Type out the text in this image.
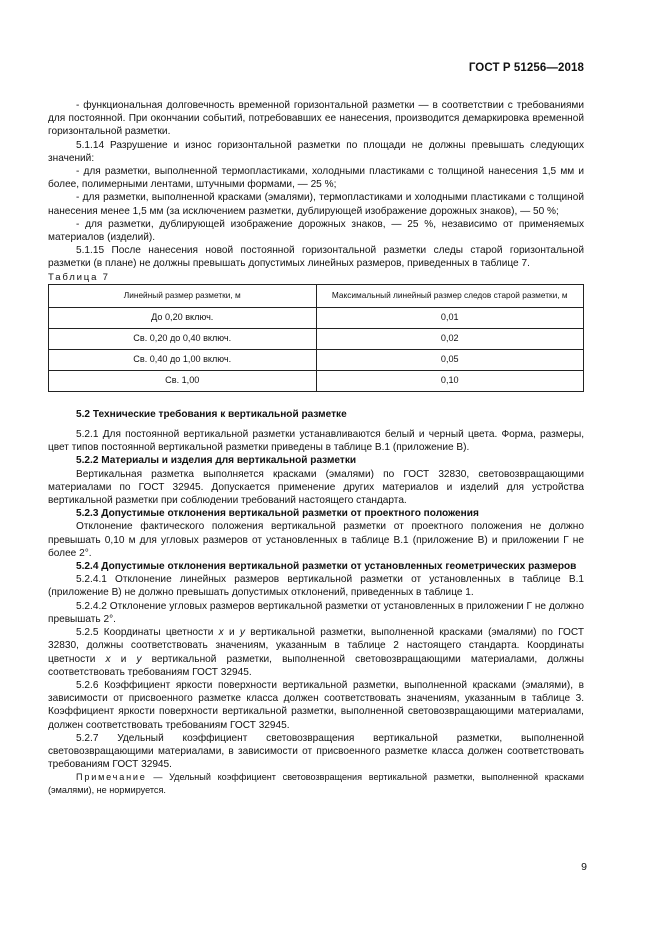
ГОСТ Р 51256—2018

- функциональная долговечность временной горизонтальной разметки — в соответствии с требованиями для постоянной. При окончании событий, потребовавших ее нанесения, производится демаркировка временной горизонтальной разметки.

5.1.14 Разрушение и износ горизонтальной разметки по площади не должны превышать следующих значений:

- для разметки, выполненной термопластиками, холодными пластиками с толщиной нанесения 1,5 мм и более, полимерными лентами, штучными формами, — 25 %;

- для разметки, выполненной красками (эмалями), термопластиками и холодными пластиками с толщиной нанесения менее 1,5 мм (за исключением разметки, дублирующей изображение дорожных знаков), — 50 %;

- для разметки, дублирующей изображение дорожных знаков, — 25 %, независимо от применяемых материалов (изделий).

5.1.15 После нанесения новой постоянной горизонтальной разметки следы старой горизонтальной разметки (в плане) не должны превышать допустимых линейных размеров, приведенных в таблице 7.

Таблица 7

Линейный размер разметки, м	Максимальный линейный размер следов старой разметки, м
До 0,20 включ.	0,01
Св. 0,20 до 0,40 включ.	0,02
Св. 0,40 до 1,00 включ.	0,05
Св. 1,00	0,10

5.2 Технические требования к вертикальной разметке

5.2.1 Для постоянной вертикальной разметки устанавливаются белый и черный цвета. Форма, размеры, цвет типов постоянной вертикальной разметки приведены в таблице В.1 (приложение В).

5.2.2 Материалы и изделия для вертикальной разметки

Вертикальная разметка выполняется красками (эмалями) по ГОСТ 32830, световозвращающими материалами по ГОСТ 32945. Допускается применение других материалов и изделий для устройства вертикальной разметки при соблюдении требований настоящего стандарта.

5.2.3 Допустимые отклонения вертикальной разметки от проектного положения

Отклонение фактического положения вертикальной разметки от проектного положения не должно превышать 0,10 м для угловых размеров от установленных в таблице В.1 (приложение В) и приложении Г не более 2°.

5.2.4 Допустимые отклонения вертикальной разметки от установленных геометрических размеров

5.2.4.1 Отклонение линейных размеров вертикальной разметки от установленных в таблице В.1 (приложение В) не должно превышать допустимых отклонений, приведенных в таблице 1.

5.2.4.2 Отклонение угловых размеров вертикальной разметки от установленных в приложении Г не должно превышать 2°.

5.2.5 Координаты цветности x и y вертикальной разметки, выполненной красками (эмалями) по ГОСТ 32830, должны соответствовать значениям, указанным в таблице 2 настоящего стандарта. Координаты цветности x и y вертикальной разметки, выполненной световозвращающими материалами, должны соответствовать требованиям ГОСТ 32945.

5.2.6 Коэффициент яркости поверхности вертикальной разметки, выполненной красками (эмалями), в зависимости от присвоенного разметке класса должен соответствовать значениям, указанным в таблице 3. Коэффициент яркости поверхности вертикальной разметки, выполненной световозвращающими материалами, должен соответствовать требованиям ГОСТ 32945.

5.2.7 Удельный коэффициент световозвращения вертикальной разметки, выполненной световозвращающими материалами, в зависимости от присвоенного разметке класса должен соответствовать требованиям ГОСТ 32945.

Примечание — Удельный коэффициент световозвращения вертикальной разметки, выполненной красками (эмалями), не нормируется.

9
